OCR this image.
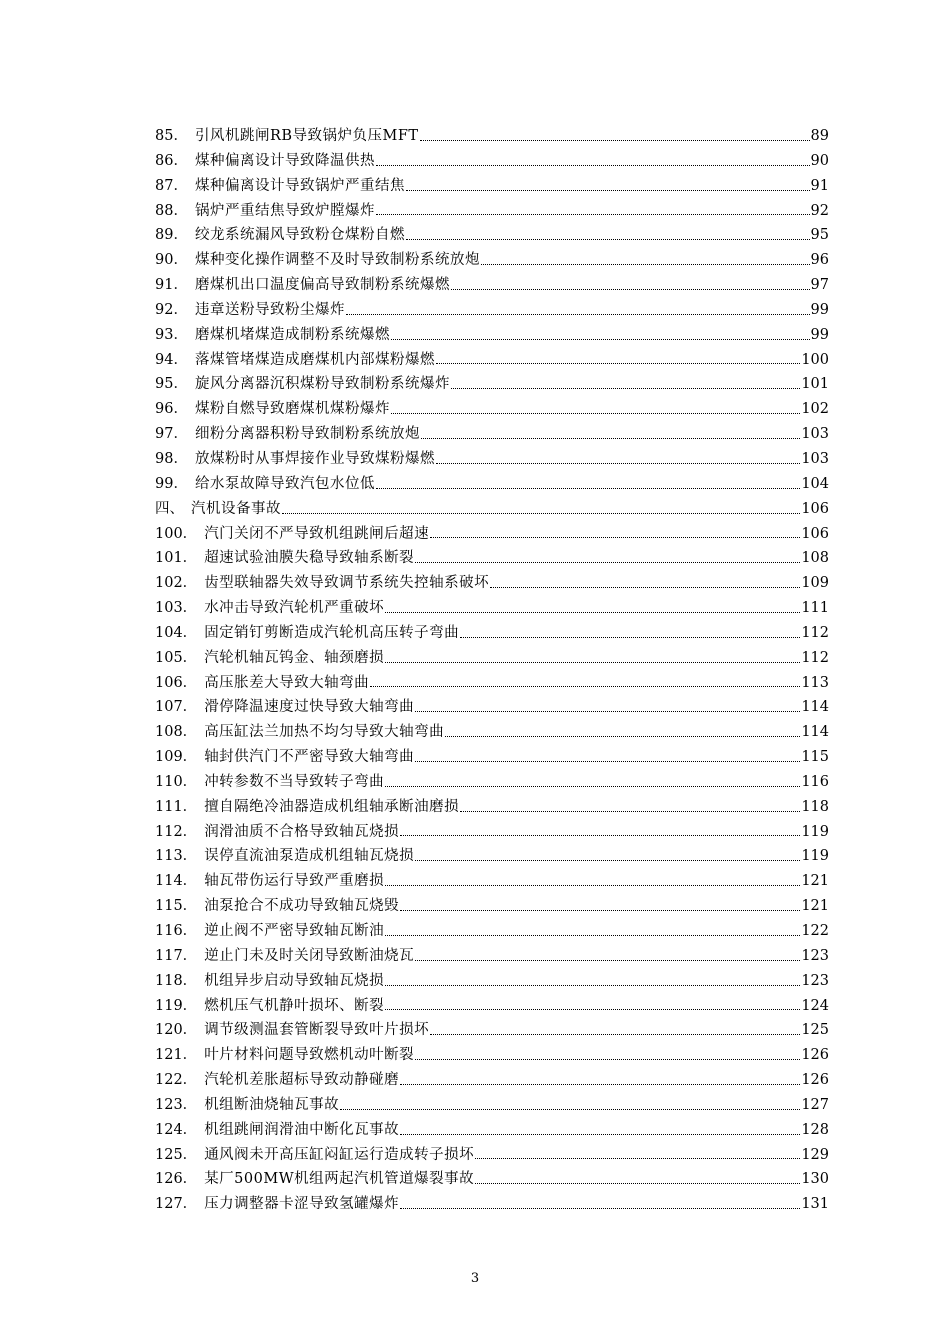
85． 引风机跳闸RB导致锅炉负压MFT	89
86． 煤种偏离设计导致降温供热	90
87． 煤种偏离设计导致锅炉严重结焦	91
88． 锅炉严重结焦导致炉膛爆炸	92
89． 绞龙系统漏风导致粉仓煤粉自燃	95
90． 煤种变化操作调整不及时导致制粉系统放炮	96
91． 磨煤机出口温度偏高导致制粉系统爆燃	97
92． 违章送粉导致粉尘爆炸	99
93． 磨煤机堵煤造成制粉系统爆燃	99
94． 落煤管堵煤造成磨煤机内部煤粉爆燃	100
95． 旋风分离器沉积煤粉导致制粉系统爆炸	101
96． 煤粉自燃导致磨煤机煤粉爆炸	102
97． 细粉分离器积粉导致制粉系统放炮	103
98． 放煤粉时从事焊接作业导致煤粉爆燃	103
99． 给水泵故障导致汽包水位低	104
四、 汽机设备事故	106
100． 汽门关闭不严导致机组跳闸后超速	106
101． 超速试验油膜失稳导致轴系断裂	108
102． 齿型联轴器失效导致调节系统失控轴系破坏	109
103． 水冲击导致汽轮机严重破坏	111
104． 固定销钉剪断造成汽轮机高压转子弯曲	112
105． 汽轮机轴瓦钨金、轴颈磨损	112
106． 高压胀差大导致大轴弯曲	113
107． 滑停降温速度过快导致大轴弯曲	114
108． 高压缸法兰加热不均匀导致大轴弯曲	114
109． 轴封供汽门不严密导致大轴弯曲	115
110． 冲转参数不当导致转子弯曲	116
111． 擅自隔绝冷油器造成机组轴承断油磨损	118
112． 润滑油质不合格导致轴瓦烧损	119
113． 误停直流油泵造成机组轴瓦烧损	119
114． 轴瓦带伤运行导致严重磨损	121
115． 油泵抢合不成功导致轴瓦烧毁	121
116． 逆止阀不严密导致轴瓦断油	122
117． 逆止门未及时关闭导致断油烧瓦	123
118． 机组异步启动导致轴瓦烧损	123
119． 燃机压气机静叶损坏、断裂	124
120． 调节级测温套管断裂导致叶片损坏	125
121． 叶片材料问题导致燃机动叶断裂	126
122． 汽轮机差胀超标导致动静碰磨	126
123． 机组断油烧轴瓦事故	127
124． 机组跳闸润滑油中断化瓦事故	128
125． 通风阀未开高压缸闷缸运行造成转子损坏	129
126． 某厂500MW机组两起汽机管道爆裂事故	130
127． 压力调整器卡涩导致氢罐爆炸	131
3
